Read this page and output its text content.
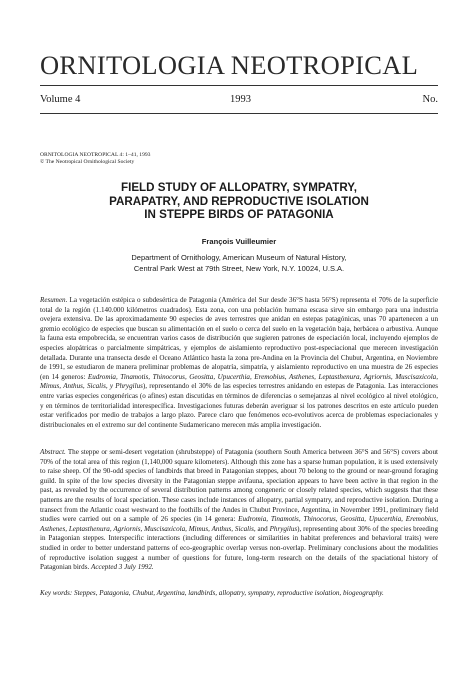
ORNITOLOGIA NEOTROPICAL
Volume 4	1993	No.
ORNITOLOGIA NEOTROPICAL 4: 1–41, 1993
© The Neotropical Ornithological Society
FIELD STUDY OF ALLOPATRY, SYMPATRY,
PARAPATRY, AND REPRODUCTIVE ISOLATION
IN STEPPE BIRDS OF PATAGONIA
François Vuilleumier
Department of Ornithology, American Museum of Natural History,
Central Park West at 79th Street, New York, N.Y. 10024, U.S.A.
Resumen. La vegetación estépica o subdesértica de Patagonia (América del Sur desde 36°S hasta 56°S) representa el 70% de la superficie total de la región (1.140.000 kilómetros cuadrados). Esta zona, con una población humana escasa sirve sin embargo para una industria ovejera extensiva. De las aproximadamente 90 especies de aves terrestres que anidan en estepas patagónicas, unas 70 apartenecen a un gremio ecológico de especies que buscan su alimentación en el suelo o cerca del suelo en la vegetación baja, herbácea o arbustiva. Aunque la fauna esta empobrecida, se encuentran varios casos de distribución que sugieren patrones de especiación local, incluyendo ejemplos de especies alopátricas o parcialmente simpátricas, y ejemplos de aislamiento reproductivo post-especiacional que merecen investigación detallada. Durante una transecta desde el Oceano Atlántico hasta la zona pre-Andina en la Provincia del Chubut, Argentina, en Noviembre de 1991, se estudiaron de manera preliminar problemas de alopatría, simpatría, y aislamiento reproductivo en una muestra de 26 especies (en 14 generos: Eudromia, Tinamotis, Thinocorus, Geositta, Upucerthia, Eremobius, Asthenes, Leptasthenura, Agriornis, Muscisaxicola, Mimus, Anthus, Sicalis, y Phrygilus), representando el 30% de las especies terrestres anidando en estepas de Patagonia. Las interacciones entre varias especies congenéricas (o afines) estan discutidas en términos de diferencias o semejanzas al nivel ecológico al nivel etológico, y en términos de territorialidad interespecífica. Investigaciones futuras deberán averiguar si los patrones descritos en este artículo pueden estar verificados por medio de trabajos a largo plazo. Parece claro que fenómenos eco-evolutivos acerca de problemas especiacionales y distribucionales en el extremo sur del continente Sudamericano merecen más amplia investigación.
Abstract. The steppe or semi-desert vegetation (shrubsteppe) of Patagonia (southern South America between 36°S and 56°S) covers about 70% of the total area of this region (1,140,000 square kilometers). Although this zone has a sparse human population, it is used extensively to raise sheep. Of the 90-odd species of landbirds that breed in Patagonian steppes, about 70 belong to the ground or near-ground foraging guild. In spite of the low species diversity in the Patagonian steppe avifauna, speciation appears to have been active in that region in the past, as revealed by the occurrence of several distribution patterns among congeneric or closely related species, which suggests that these patterns are the results of local speciation. These cases include instances of allopatry, partial sympatry, and reproductive isolation. During a transect from the Atlantic coast westward to the foothills of the Andes in Chubut Province, Argentina, in November 1991, preliminary field studies were carried out on a sample of 26 species (in 14 genera: Eudromia, Tinamotis, Thinocorus, Geositta, Upucerthia, Eremobius, Asthenes, Leptasthenura, Agriornis, Muscisaxicola, Mimus, Anthus, Sicalis, and Phrygilus), representing about 30% of the species breeding in Patagonian steppes. Interspecific interactions (including differences or similarities in habitat preferences and behavioral traits) were studied in order to better understand patterns of eco-geographic overlap versus non-overlap. Preliminary conclusions about the modalities of reproductive isolation suggest a number of questions for future, long-term research on the details of the spaciational history of Patagonian birds. Accepted 3 July 1992.
Key words: Steppes, Patagonia, Chubut, Argentina, landbirds, allopatry, sympatry, reproductive isolation, biogeography.
